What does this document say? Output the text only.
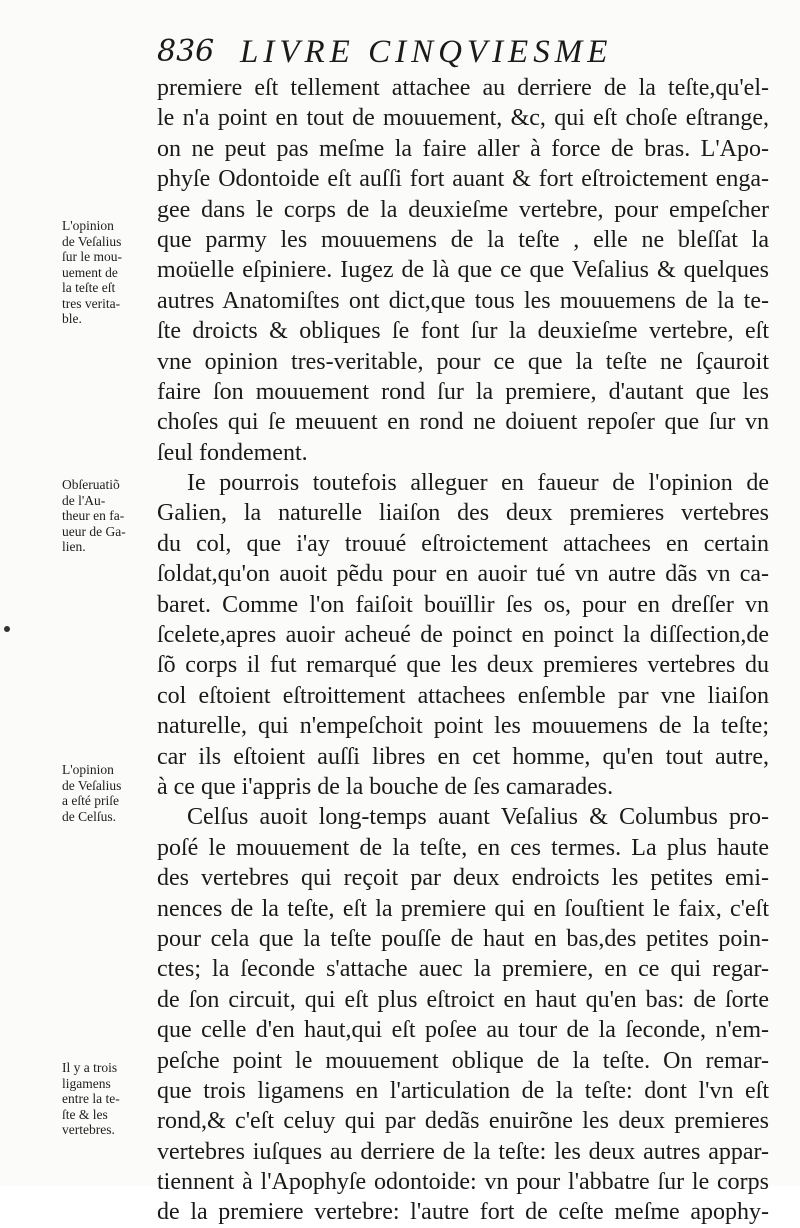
836 LIVRE CINQVIESME
L'opinion
de Veſalius
ſur le mou-
uement de
la teſte eſt
tres verita-
ble.
Obſeruatiõ
de l'Au-
theur en fa-
ueur de Ga-
lien.
L'opinion
de Veſalius
a eſté priſe
de Celſus.
Il y a trois
ligamens
entre la te-
ſte & les
vertebres.
premiere eſt tellement attachee au derriere de la teſte,qu'el-
le n'a point en tout de mouuement, &c, qui eſt choſe eſtrange,
on ne peut pas meſme la faire aller à force de bras. L'Apo-
phyſe Odontoide eſt auſſi fort auant & fort eſtroictement enga-
gee dans le corps de la deuxieſme vertebre, pour empeſcher
que parmy les mouuemens de la teſte , elle ne bleſſat la
moüelle eſpiniere. Iugez de là que ce que Veſalius & quelques
autres Anatomiſtes ont dict,que tous les mouuemens de la te-
ſte droicts & obliques ſe font ſur la deuxieſme vertebre, eſt
vne opinion tres-veritable, pour ce que la teſte ne ſçauroit
faire ſon mouuement rond ſur la premiere, d'autant que les
choſes qui ſe meuuent en rond ne doiuent repoſer que ſur vn
ſeul fondement.
Ie pourrois toutefois alleguer en faueur de l'opinion de
Galien, la naturelle liaiſon des deux premieres vertebres
du col, que i'ay trouué eſtroictement attachees en certain
ſoldat,qu'on auoit pẽdu pour en auoir tué vn autre dãs vn ca-
baret. Comme l'on faiſoit bouïllir ſes os, pour en dreſſer vn
ſcelete,apres auoir acheué de poinct en poinct la diſſection,de
ſõ corps il fut remarqué que les deux premieres vertebres du
col eſtoient eſtroittement attachees enſemble par vne liaiſon
naturelle, qui n'empeſchoit point les mouuemens de la teſte;
car ils eſtoient auſſi libres en cet homme, qu'en tout autre,
à ce que i'appris de la bouche de ſes camarades.
Celſus auoit long-temps auant Veſalius & Columbus pro-
poſé le mouuement de la teſte, en ces termes. La plus haute
des vertebres qui reçoit par deux endroicts les petites emi-
nences de la teſte, eſt la premiere qui en ſouſtient le faix, c'eſt
pour cela que la teſte pouſſe de haut en bas,des petites poin-
ctes; la ſeconde s'attache auec la premiere, en ce qui regar-
de ſon circuit, qui eſt plus eſtroict en haut qu'en bas: de ſorte
que celle d'en haut,qui eſt poſee au tour de la ſeconde, n'em-
peſche point le mouuement oblique de la teſte. On remar-
que trois ligamens en l'articulation de la teſte: dont l'vn eſt
rond,& c'eſt celuy qui par dedãs enuirõne les deux premieres
vertebres iuſques au derriere de la teſte: les deux autres appar-
tiennent à l'Apophyſe odontoide: vn pour l'abbatre ſur le corps
de la premiere vertebre: l'autre fort de ceſte meſme apophy-
